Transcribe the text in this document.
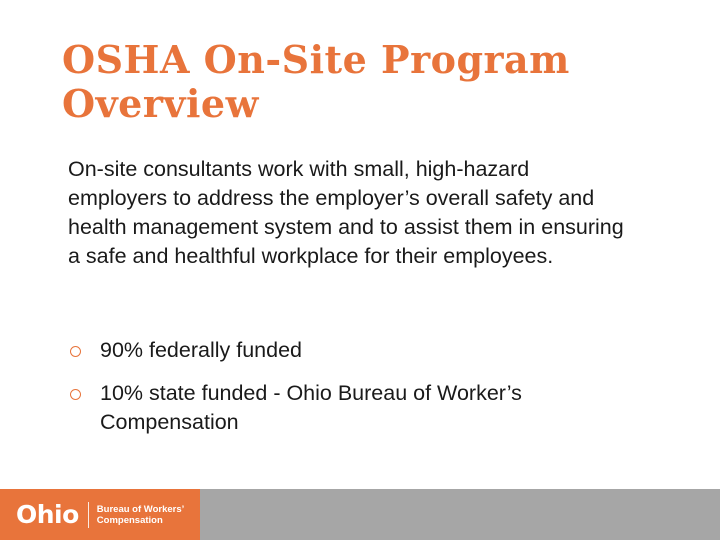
OSHA On-Site Program
Overview

On-site consultants work with small, high-hazard employers to address the employer’s overall safety and health management system and to assist them in ensuring a safe and healthful workplace for their employees.

90% federally funded
10% state funded - Ohio Bureau of Worker’s Compensation
Ohio Bureau of Workers’
Compensation
